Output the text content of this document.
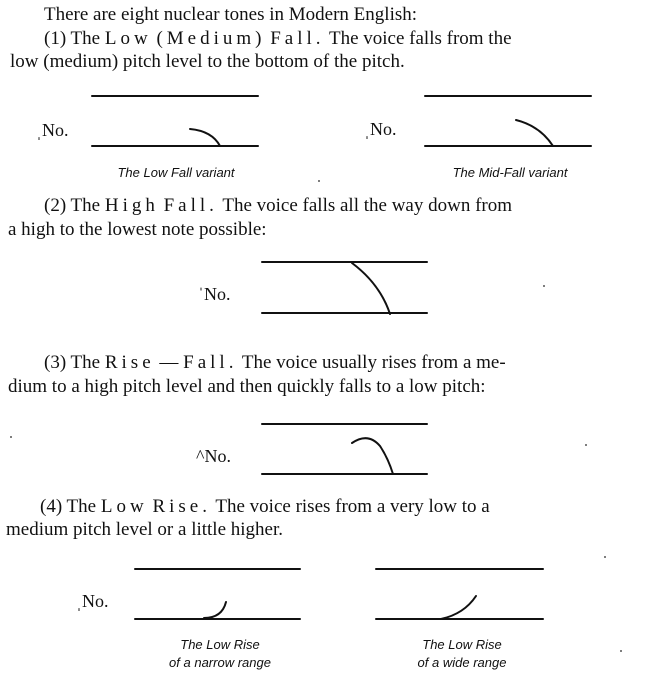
There are eight nuclear tones in Modern English:
(1) The Low (Medium) Fall. The voice falls from the
low (medium) pitch level to the bottom of the pitch.
ˌNo.	ˌNo.
The Low Fall variant	The Mid-Fall variant
(2) The High Fall. The voice falls all the way down from
a high to the lowest note possible:
ˈNo.
(3) The Rise — Fall. The voice usually rises from a me-
dium to a high pitch level and then quickly falls to a low pitch:
^No.
(4) The Low Rise. The voice rises from a very low to a
medium pitch level or a little higher.
ˌNo.
The Low Rise
of a narrow range
The Low Rise
of a wide range
